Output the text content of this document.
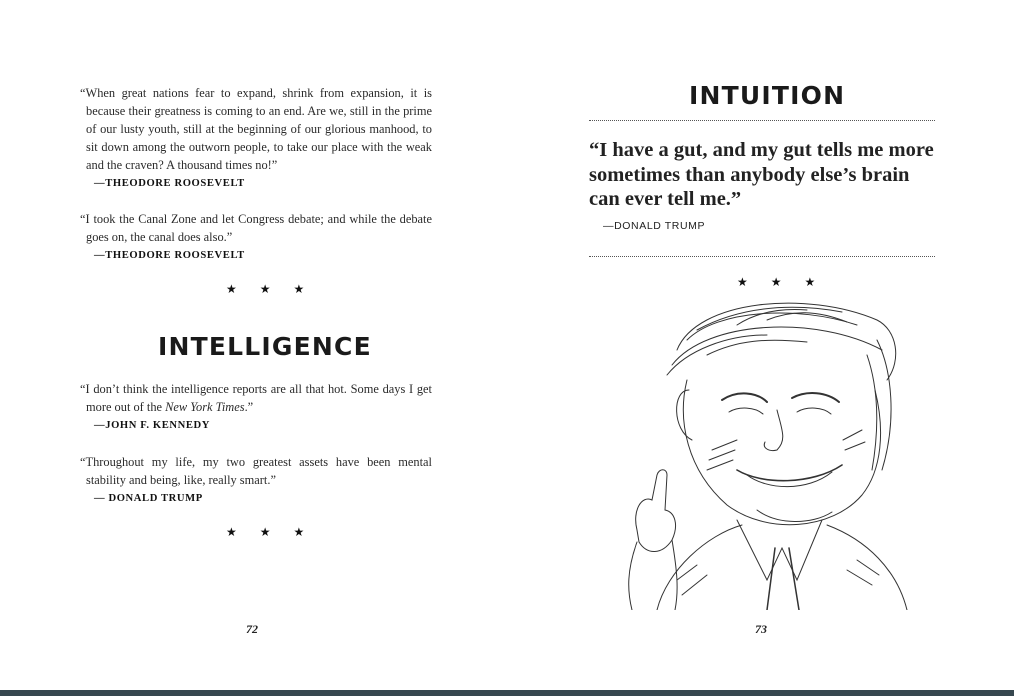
“When great nations fear to expand, shrink from expansion, it is because their greatness is coming to an end. Are we, still in the prime of our lusty youth, still at the beginning of our glorious manhood, to sit down among the outworn people, to take our place with the weak and the craven? A thousand times no!”

—THEODORE ROOSEVELT

“I took the Canal Zone and let Congress debate; and while the debate goes on, the canal does also.”

—THEODORE ROOSEVELT
★ ★ ★
INTELLIGENCE

“I don’t think the intelligence reports are all that hot. Some days I get more out of the New York Times.”

—JOHN F. KENNEDY

“Throughout my life, my two greatest assets have been mental stability and being, like, really smart.”

— DONALD TRUMP
★ ★ ★
72
INTUITION
“I have a gut, and my gut tells me more sometimes than anybody else’s brain can ever tell me.”
—DONALD TRUMP
★ ★ ★
73
